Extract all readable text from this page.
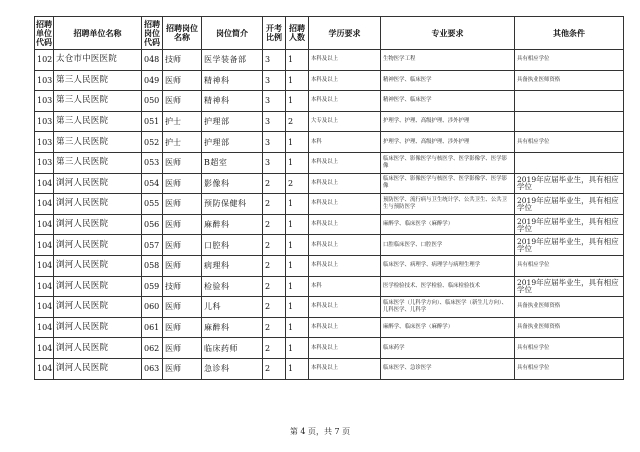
招聘单位代码	招聘单位名称	招聘岗位代码	招聘岗位名称	岗位简介	开考比例	招聘人数	学历要求	专业要求	其他条件
102	太仓市中医医院	048	技师	医学装备部	3	1	本科及以上	生物医学工程	具有相应学位
103	第三人民医院	049	医师	精神科	3	1	本科及以上	精神医学、临床医学	具备执业医师资格
103	第三人民医院	050	医师	精神科	3	1	本科及以上	精神医学、临床医学	
103	第三人民医院	051	护士	护理部	3	2	大专及以上	护理学、护理、高级护理、涉外护理	
103	第三人民医院	052	护士	护理部	3	1	本科	护理学、护理、高级护理、涉外护理	具有相应学位
103	第三人民医院	053	医师	B超室	3	1	本科及以上	临床医学、影像医学与核医学、医学影像学、医学影像	
104	浏河人民医院	054	医师	影像科	2	2	本科及以上	临床医学、影像医学与核医学、医学影像学、医学影像	2019年应届毕业生，具有相应学位
104	浏河人民医院	055	医师	预防保健科	2	1	本科及以上	预防医学、流行病与卫生统计学、公共卫生、公共卫生与预防医学	2019年应届毕业生，具有相应学位
104	浏河人民医院	056	医师	麻醉科	2	1	本科及以上	麻醉学、临床医学（麻醉学）	2019年应届毕业生，具有相应学位
104	浏河人民医院	057	医师	口腔科	2	1	本科及以上	口腔临床医学、口腔医学	2019年应届毕业生，具有相应学位
104	浏河人民医院	058	医师	病理科	2	1	本科及以上	临床医学、病理学、病理学与病理生理学	具有相应学位
104	浏河人民医院	059	技师	检验科	2	1	本科	医学检验技术、医学检验、临床检验技术	2019年应届毕业生，具有相应学位
104	浏河人民医院	060	医师	儿科	2	1	本科及以上	临床医学（儿科学方向）、临床医学（新生儿方向）、儿科医学、儿科学	具备执业医师资格
104	浏河人民医院	061	医师	麻醉科	2	1	本科及以上	麻醉学、临床医学（麻醉学）	具备执业医师资格
104	浏河人民医院	062	医师	临床药师	2	1	本科及以上	临床药学	具有相应学位
104	浏河人民医院	063	医师	急诊科	2	1	本科及以上	临床医学、急诊医学	具有相应学位
第 4 页，共 7 页
